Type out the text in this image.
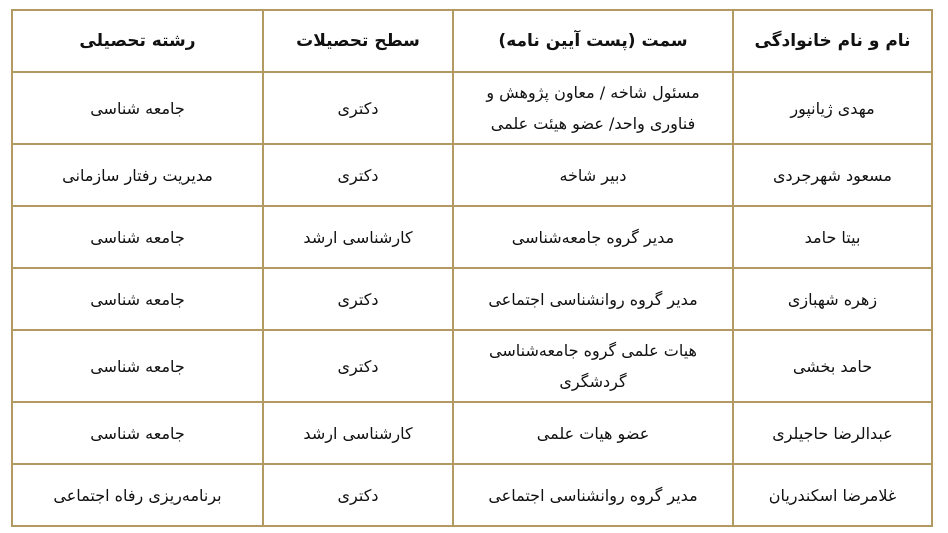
نام و نام خانوادگی	سمت (پست آیین نامه)	سطح تحصیلات	رشته تحصیلی
مهدی ژیانپور	مسئول شاخه / معاون پژوهش و فناوری واحد/ عضو هیئت علمی	دکتری	جامعه شناسی
مسعود شهرجردی	دبیر شاخه	دکتری	مدیریت رفتار سازمانی
بیتا حامد	مدیر گروه جامعه‌شناسی	کارشناسی ارشد	جامعه شناسی
زهره شهبازی	مدیر گروه روانشناسی اجتماعی	دکتری	جامعه شناسی
حامد بخشی	هیات علمی گروه جامعه‌شناسی گردشگری	دکتری	جامعه شناسی
عبدالرضا حاجیلری	عضو هیات علمی	کارشناسی ارشد	جامعه شناسی
غلامرضا اسکندریان	مدیر گروه روانشناسی اجتماعی	دکتری	برنامه‌ریزی رفاه اجتماعی
